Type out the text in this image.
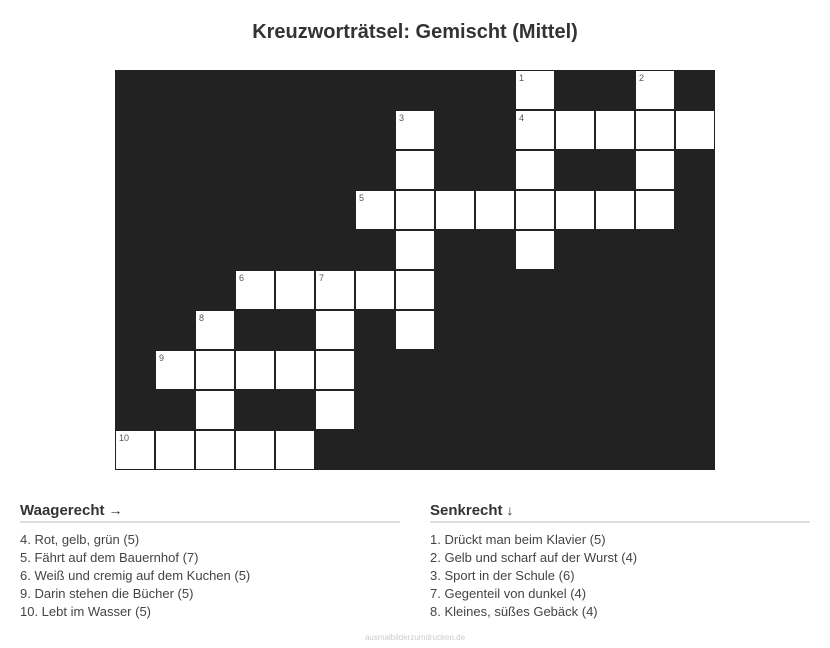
Kreuzworträtsel: Gemischt (Mittel)
1	2
3	4
5
6	7
8
9
10
Waagerecht →
4. Rot, gelb, grün (5)
5. Fährt auf dem Bauernhof (7)
6. Weiß und cremig auf dem Kuchen (5)
9. Darin stehen die Bücher (5)
10. Lebt im Wasser (5)
Senkrecht ↓
1. Drückt man beim Klavier (5)
2. Gelb und scharf auf der Wurst (4)
3. Sport in der Schule (6)
7. Gegenteil von dunkel (4)
8. Kleines, süßes Gebäck (4)
ausmalbilderzumdrucken.de
